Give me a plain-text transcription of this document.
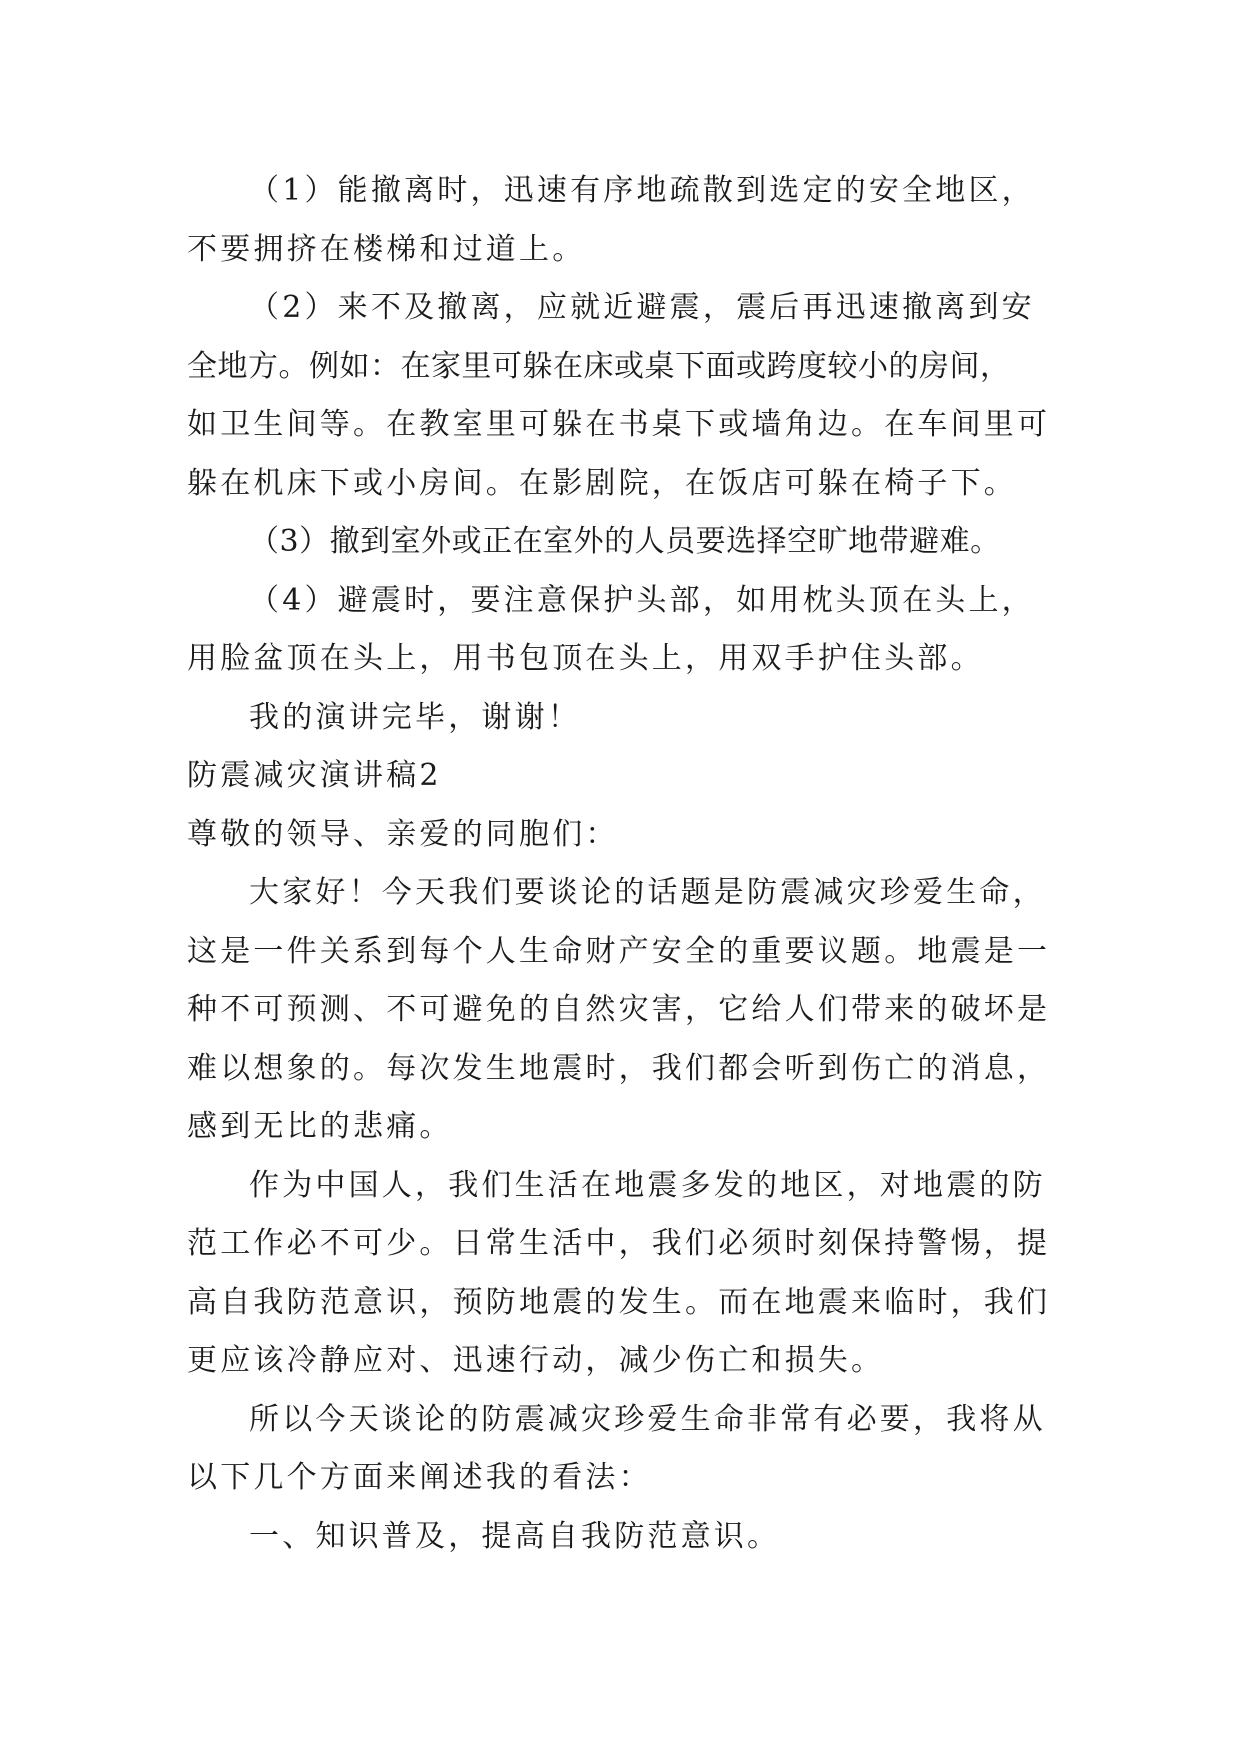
（1）能撤离时，迅速有序地疏散到选定的安全地区，
不要拥挤在楼梯和过道上。
（2）来不及撤离，应就近避震，震后再迅速撤离到安
全地方。例如：在家里可躲在床或桌下面或跨度较小的房间，
如卫生间等。在教室里可躲在书桌下或墙角边。在车间里可
躲在机床下或小房间。在影剧院，在饭店可躲在椅子下。
（3）撤到室外或正在室外的人员要选择空旷地带避难。
（4）避震时，要注意保护头部，如用枕头顶在头上，
用脸盆顶在头上，用书包顶在头上，用双手护住头部。
我的演讲完毕，谢谢！
防震减灾演讲稿2
尊敬的领导、亲爱的同胞们：
大家好！今天我们要谈论的话题是防震减灾珍爱生命，
这是一件关系到每个人生命财产安全的重要议题。地震是一
种不可预测、不可避免的自然灾害，它给人们带来的破坏是
难以想象的。每次发生地震时，我们都会听到伤亡的消息，
感到无比的悲痛。
作为中国人，我们生活在地震多发的地区，对地震的防
范工作必不可少。日常生活中，我们必须时刻保持警惕，提
高自我防范意识，预防地震的发生。而在地震来临时，我们
更应该冷静应对、迅速行动，减少伤亡和损失。
所以今天谈论的防震减灾珍爱生命非常有必要，我将从
以下几个方面来阐述我的看法：
一、知识普及，提高自我防范意识。
